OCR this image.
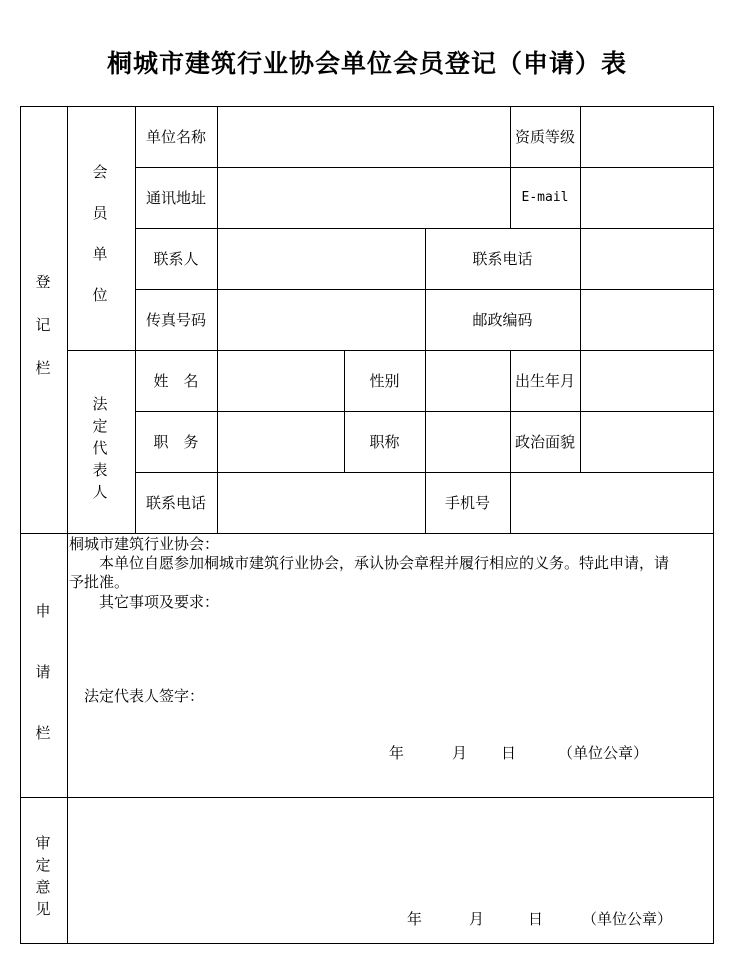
桐城市建筑行业协会单位会员登记（申请）表
登
记
栏
会
员
单
位
法
定
代
表
人
申
请
栏
审
定
意
见
单位名称	资质等级
通讯地址	E-mail
联系人	联系电话
传真号码	邮政编码
姓　名	性别	出生年月
职　务	职称	政治面貌
联系电话	手机号
桐城市建筑行业协会：
本单位自愿参加桐城市建筑行业协会，承认协会章程并履行相应的义务。特此申请，请
予批准。
其它事项及要求：
法定代表人签字：
年	月 日	（单位公章）
年	月	日	（单位公章）
